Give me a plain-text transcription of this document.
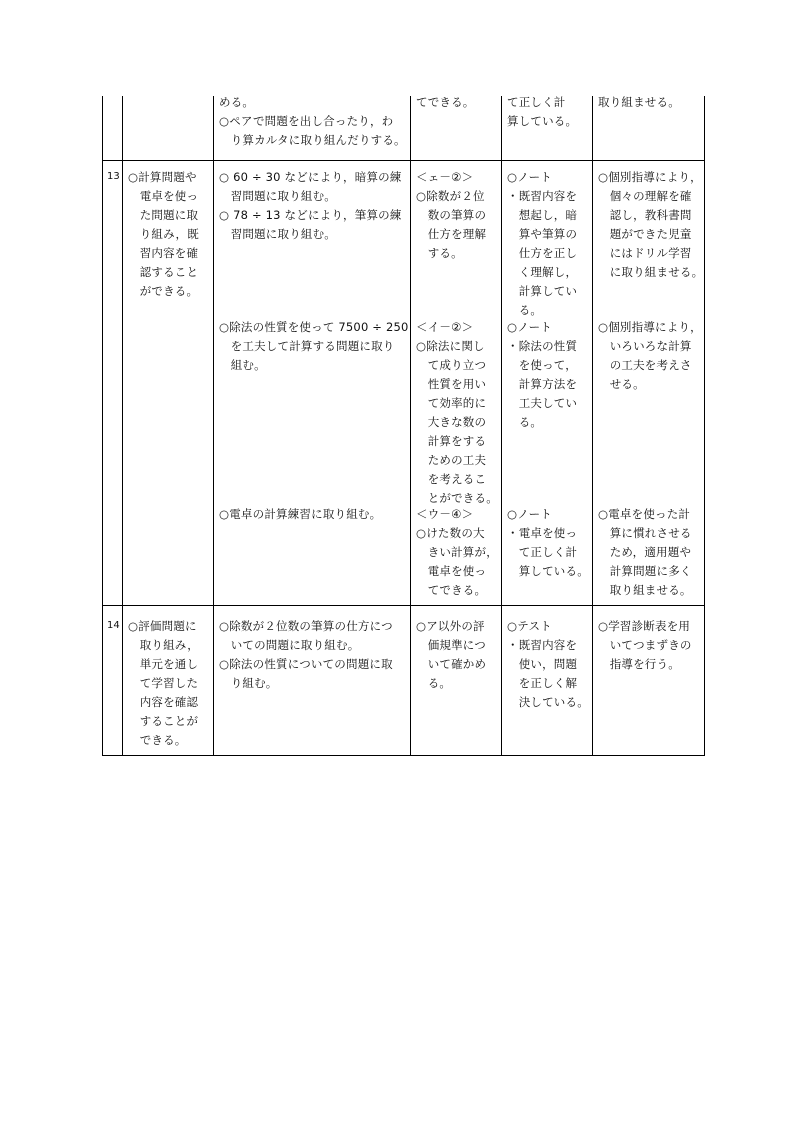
める。
○ペアで問題を出し合ったり，わ
　り算カルタに取り組んだりする。
てできる。	て正しく計
算している。
取り組ませる。
13 ○計算問題や
　電卓を使っ
　た問題に取
　り組み，既
　習内容を確
　認すること
　ができる。
○ 60 ÷ 30 などにより，暗算の練
　習問題に取り組む。
○ 78 ÷ 13 などにより，筆算の練
　習問題に取り組む。
＜ェ－②＞
○除数が２位
　数の筆算の
　仕方を理解
　する。
○ノート
・既習内容を
　想起し，暗
　算や筆算の
　仕方を正し
　く理解し，
　計算してい
　る。
○個別指導により，
　個々の理解を確
　認し，教科書問
　題ができた児童
　にはドリル学習
　に取り組ませる。
○除法の性質を使って 7500 ÷ 250
　を工夫して計算する問題に取り
　組む。
＜イ－②＞
○除法に関し
　て成り立つ
　性質を用い
　て効率的に
　大きな数の
　計算をする
　ための工夫
　を考えるこ
　とができる。
○ノート
・除法の性質
　を使って，
　計算方法を
　工夫してい
　る。
○個別指導により，
　いろいろな計算
　の工夫を考えさ
　せる。
○電卓の計算練習に取り組む。	＜ウ－④＞
○けた数の大
　きい計算が，
　電卓を使っ
　てできる。
○ノート
・電卓を使っ
　て正しく計
　算している。
○電卓を使った計
　算に慣れさせる
　ため，適用題や
　計算問題に多く
　取り組ませる。
14 ○評価問題に
　取り組み，
　単元を通し
　て学習した
　内容を確認
　することが
　できる。
○除数が２位数の筆算の仕方につ
　いての問題に取り組む。
○除法の性質についての問題に取
　り組む。
○ア以外の評
　価規準につ
　いて確かめ
　る。
○テスト
・既習内容を
　使い，問題
　を正しく解
　決している。
○学習診断表を用
　いてつまずきの
　指導を行う。
